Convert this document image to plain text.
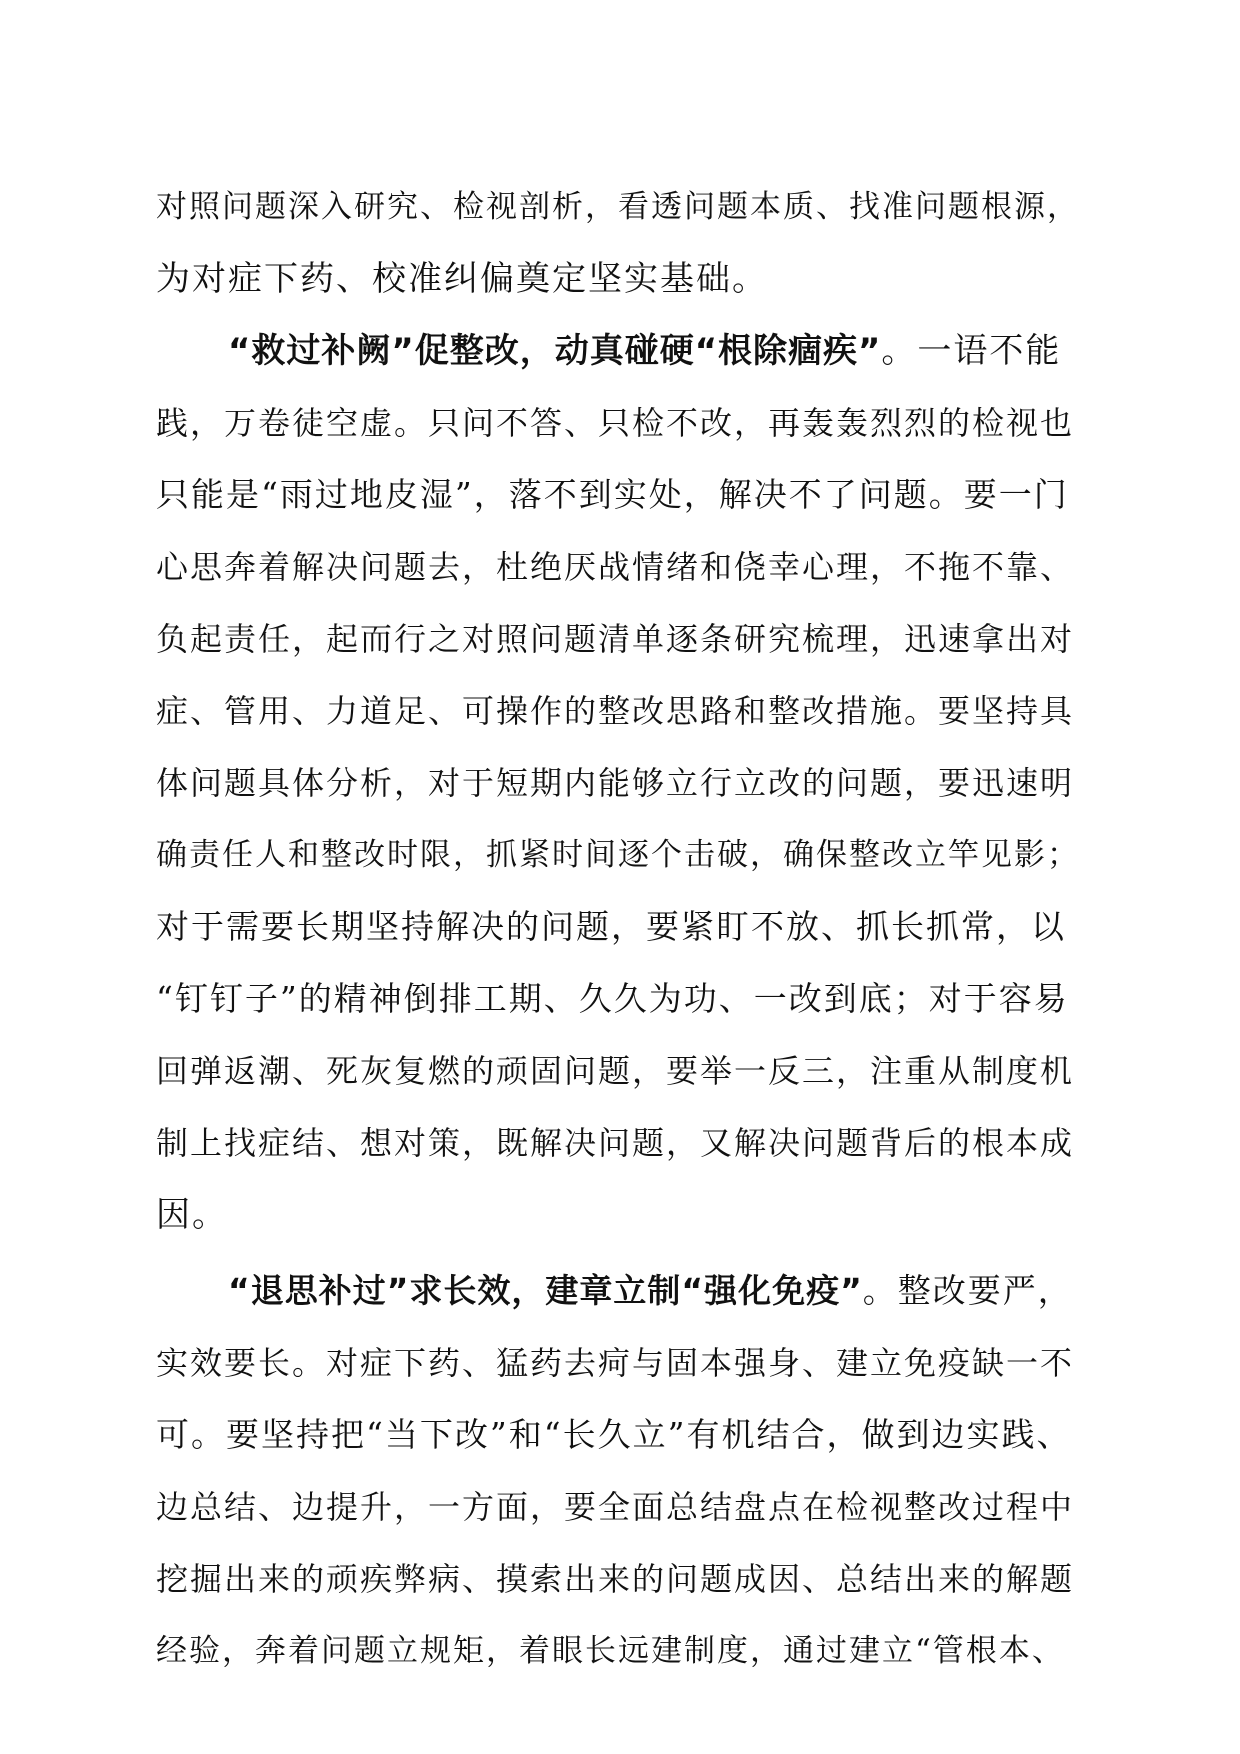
对照问题深入研究、检视剖析，看透问题本质、找准问题根源，
为对症下药、校准纠偏奠定坚实基础。
“救过补阙”促整改，动真碰硬“根除痼疾”。一语不能
践，万卷徒空虚。只问不答、只检不改，再轰轰烈烈的检视也
只能是“雨过地皮湿”，落不到实处，解决不了问题。要一门
心思奔着解决问题去，杜绝厌战情绪和侥幸心理，不拖不靠、
负起责任，起而行之对照问题清单逐条研究梳理，迅速拿出对
症、管用、力道足、可操作的整改思路和整改措施。要坚持具
体问题具体分析，对于短期内能够立行立改的问题，要迅速明
确责任人和整改时限，抓紧时间逐个击破，确保整改立竿见影；
对于需要长期坚持解决的问题，要紧盯不放、抓长抓常，以
“钉钉子”的精神倒排工期、久久为功、一改到底；对于容易
回弹返潮、死灰复燃的顽固问题，要举一反三，注重从制度机
制上找症结、想对策，既解决问题，又解决问题背后的根本成
因。
“退思补过”求长效，建章立制“强化免疫”。整改要严，
实效要长。对症下药、猛药去疴与固本强身、建立免疫缺一不
可。要坚持把“当下改”和“长久立”有机结合，做到边实践、
边总结、边提升，一方面，要全面总结盘点在检视整改过程中
挖掘出来的顽疾弊病、摸索出来的问题成因、总结出来的解题
经验，奔着问题立规矩，着眼长远建制度，通过建立“管根本、
